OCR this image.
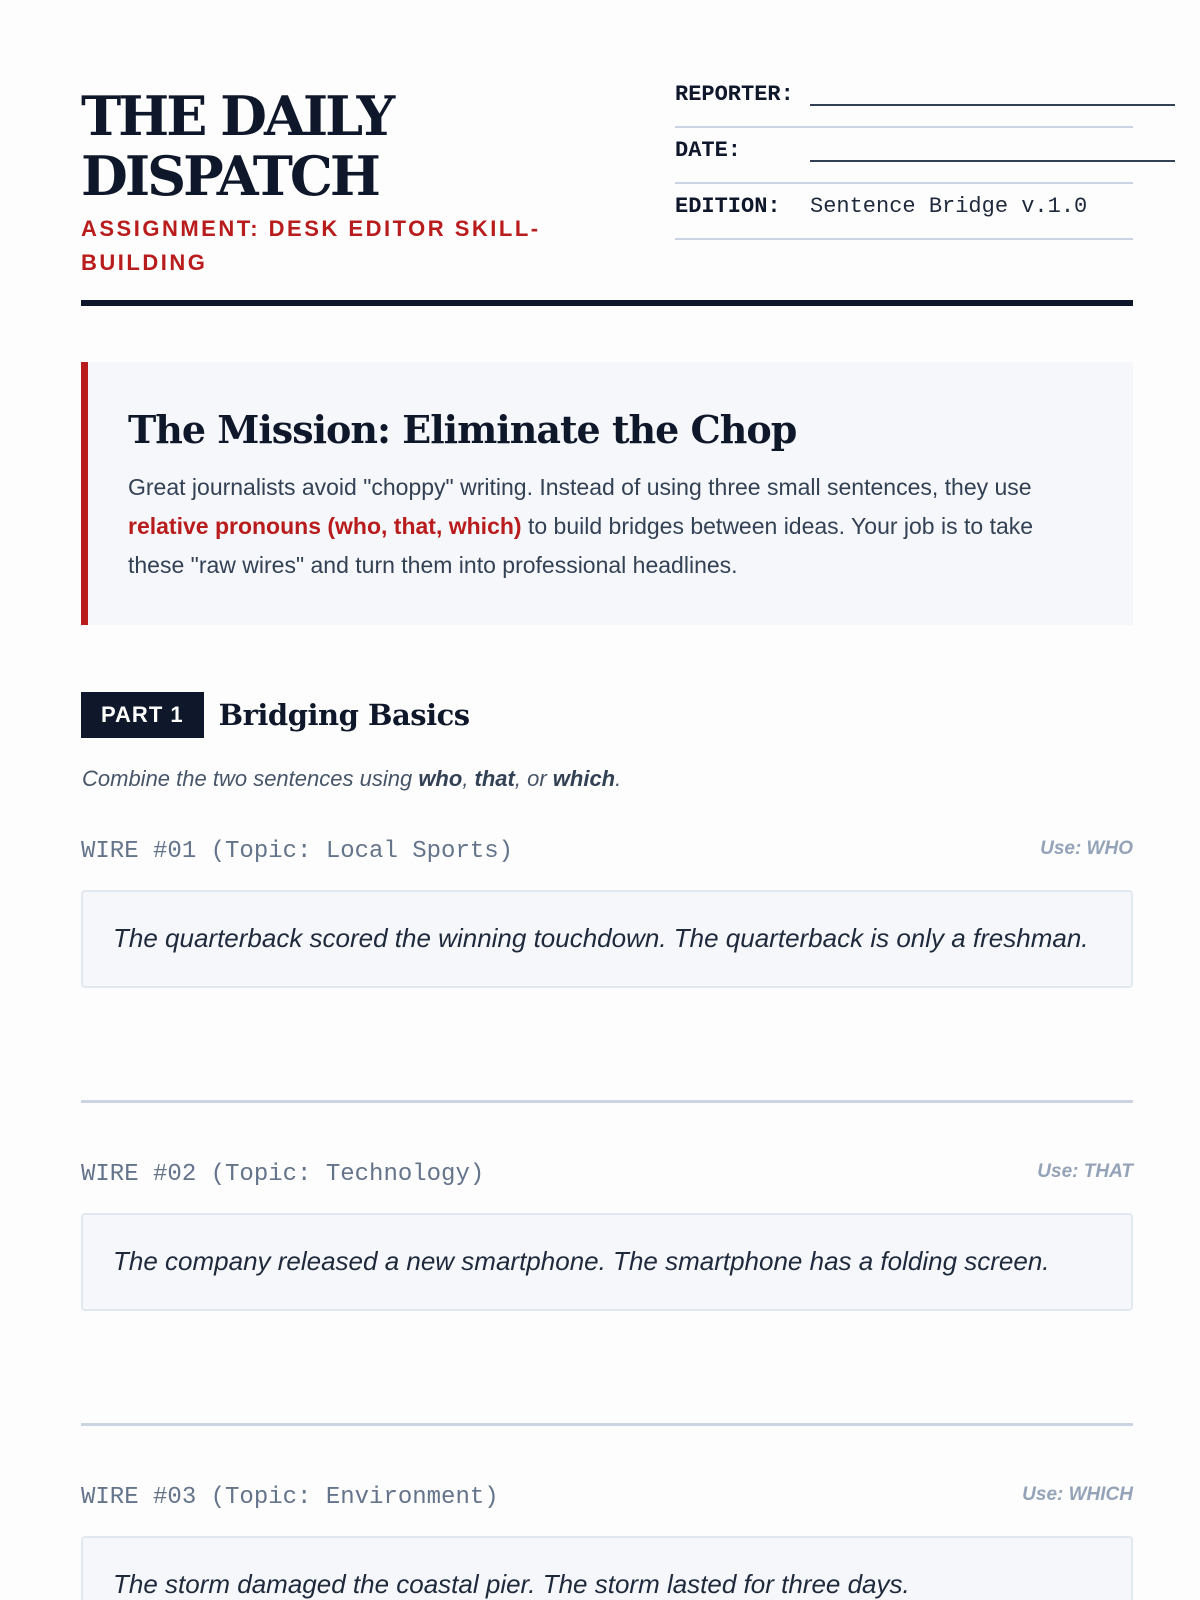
THE DAILY
DISPATCH
ASSIGNMENT: DESK EDITOR SKILL-BUILDING
REPORTER:
DATE:
EDITION: Sentence Bridge v.1.0
The Mission: Eliminate the Chop

Great journalists avoid "choppy" writing. Instead of using three small sentences, they use relative pronouns (who, that, which) to build bridges between ideas. Your job is to take these "raw wires" and turn them into professional headlines.

PART 1	Bridging Basics

Combine the two sentences using who, that, or which.

WIRE #01 (Topic: Local Sports)	Use: WHO
The quarterback scored the winning touchdown. The quarterback is only a freshman.
WIRE #02 (Topic: Technology)	Use: THAT
The company released a new smartphone. The smartphone has a folding screen.
WIRE #03 (Topic: Environment)	Use: WHICH
The storm damaged the coastal pier. The storm lasted for three days.
